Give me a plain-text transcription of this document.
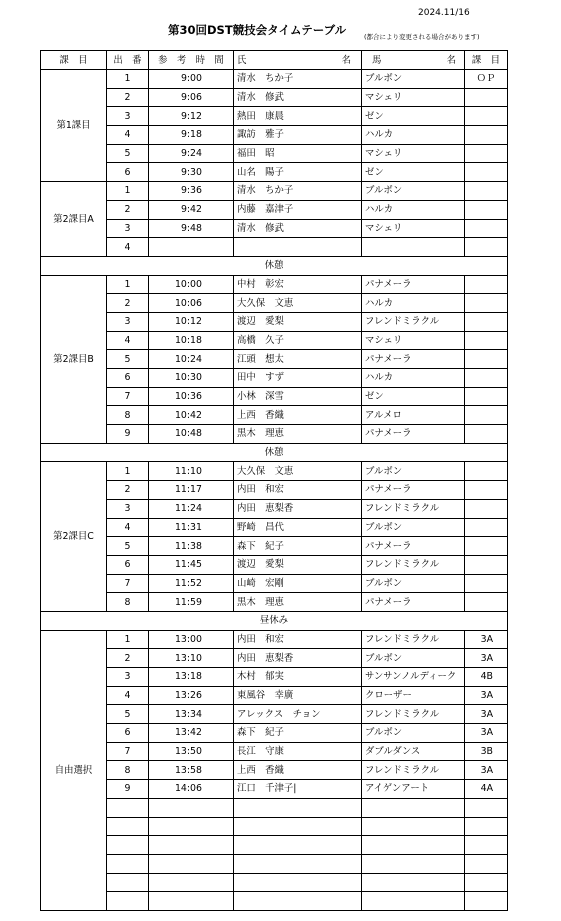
2024.11/16
第30回DST競技会タイムテーブル	(都合により変更される場合があります)
課　目	出　番	参　考　時　間	氏	名	馬	名	課　目
第1課目	1	9:00	清水　ちか子		ブルボン		ＯＰ
	2	9:06	清水　修武		マシェリ		
	3	9:12	熱田　康晨		ゼン		
	4	9:18	諏訪　雅子		ハルカ		
	5	9:24	福田　昭		マシェリ		
	6	9:30	山名　陽子		ゼン		
第2課目A	1	9:36	清水　ちか子		ブルボン		
	2	9:42	内藤　嘉津子		ハルカ		
	3	9:48	清水　修武		マシェリ		
	4						
休憩							
第2課目B	1	10:00	中村　彰宏		パナメーラ		
	2	10:06	大久保　文恵		ハルカ		
	3	10:12	渡辺　愛梨		フレンドミラクル		
	4	10:18	高橋　久子		マシェリ		
	5	10:24	江頭　想太		パナメーラ		
	6	10:30	田中　すず		ハルカ		
	7	10:36	小林　深雪		ゼン		
	8	10:42	上西　香織		アルメロ		
	9	10:48	黒木　理恵		パナメーラ		
休憩							
第2課目C	1	11:10	大久保　文恵		ブルボン		
	2	11:17	内田　和宏		パナメーラ		
	3	11:24	内田　恵梨香		フレンドミラクル		
	4	11:31	野崎　昌代		ブルボン		
	5	11:38	森下　紀子		パナメーラ		
	6	11:45	渡辺　愛梨		フレンドミラクル		
	7	11:52	山崎　宏剛		ブルボン		
	8	11:59	黒木　理恵		パナメーラ		
昼休み							
自由選択	1	13:00	内田　和宏		フレンドミラクル		3A
	2	13:10	内田　恵梨香		ブルボン		3A
	3	13:18	木村　郁実		サンサンノルディーク		4B
	4	13:26	東風谷　幸廣		クローザー		3A
	5	13:34	アレックス　チョン		フレンドミラクル		3A
	6	13:42	森下　紀子		ブルボン		3A
	7	13:50	長江　守康		ダブルダンス		3B
	8	13:58	上西　香織		フレンドミラクル		3A
	9	14:06	江口　千津子|		アイゲンアート		4A
